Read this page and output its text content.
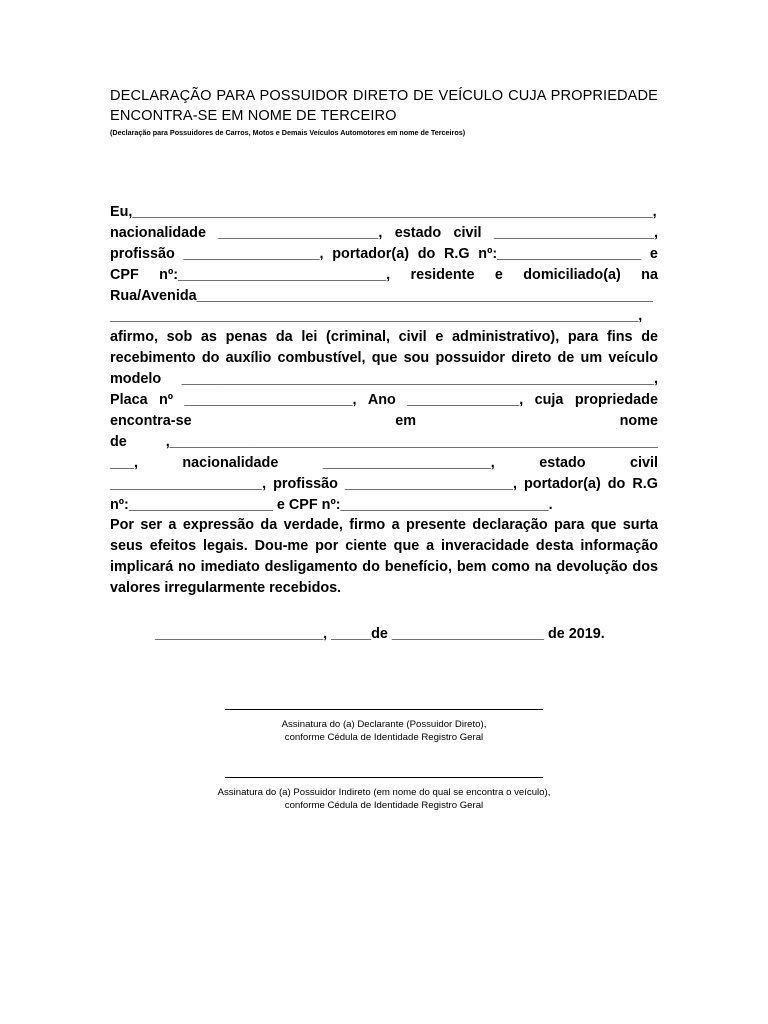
DECLARAÇÃO PARA POSSUIDOR DIRETO DE VEÍCULO CUJA PROPRIEDADE
ENCONTRA-SE EM NOME DE TERCEIRO
(Declaração para Possuidores de Carros, Motos e Demais Veículos Automotores em nome de Terceiros)
Eu,_________________________________________________________________,
nacionalidade ____________________, estado civil ____________________,
profissão _________________, portador(a) do R.G nº:__________________ e
CPF nº:__________________________, residente e domiciliado(a) na
Rua/Avenida_________________________________________________________
__________________________________________________________________,
afirmo, sob as penas da lei (criminal, civil e administrativo), para fins de recebimento do auxílio combustível, que sou possuidor direto de um veículo
modelo ___________________________________________________________,
Placa nº _____________________, Ano ______________, cuja propriedade
encontra-se	em	nome
de	,_____________________________________________________________
___,	nacionalidade	_____________________,	estado	civil
___________________, profissão _____________________, portador(a) do R.G
nº:__________________ e CPF nº:__________________________.
Por ser a expressão da verdade, firmo a presente declaração para que surta seus efeitos legais. Dou-me por ciente que a inveracidade desta informação implicará no imediato desligamento do benefício, bem como na devolução dos valores irregularmente recebidos.
_____________________, _____de ___________________ de 2019.
Assinatura do (a) Declarante (Possuidor Direto),
conforme Cédula de Identidade Registro Geral
Assinatura do (a) Possuidor Indireto (em nome do qual se encontra o veículo),
conforme Cédula de Identidade Registro Geral
